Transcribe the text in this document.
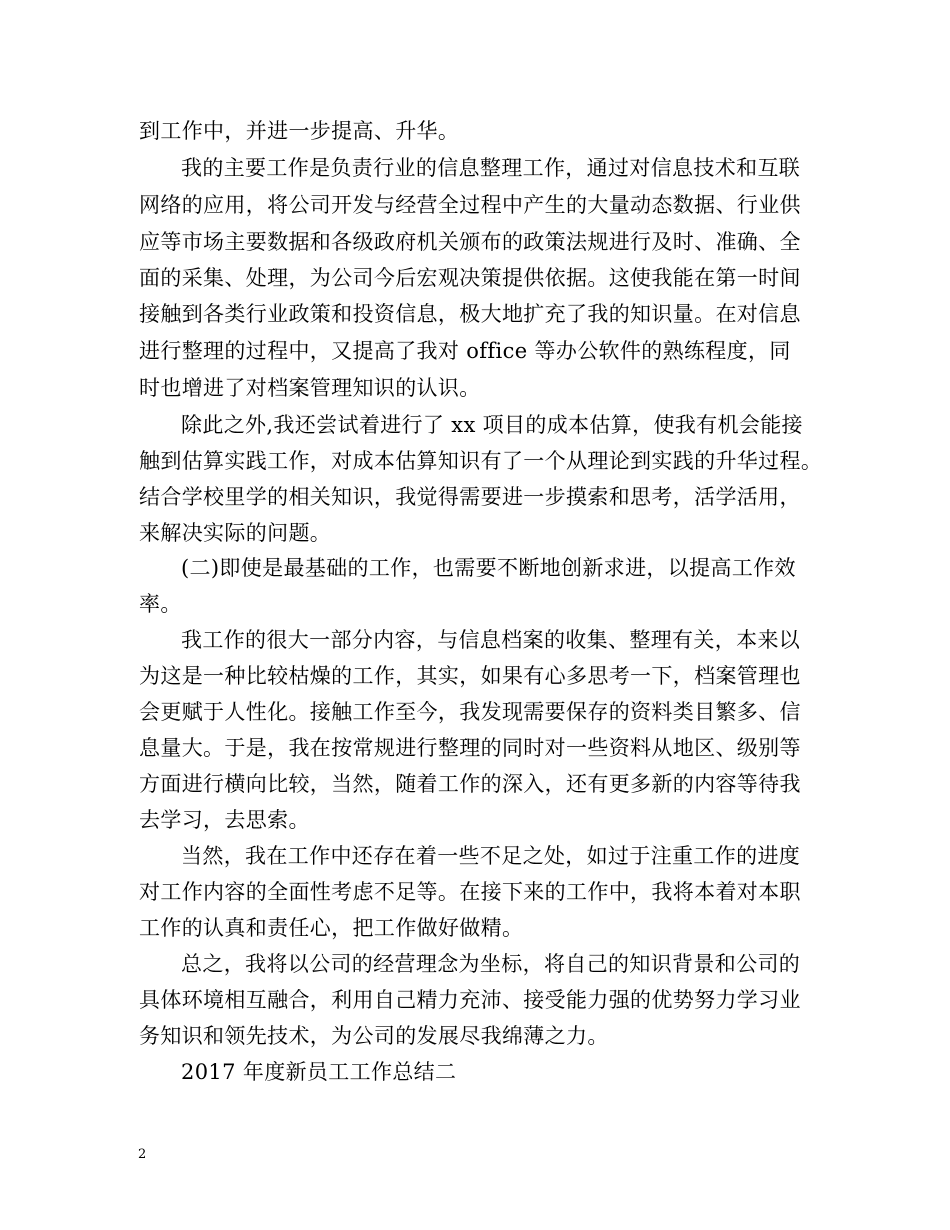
到工作中，并进一步提高、升华。
我的主要工作是负责行业的信息整理工作，通过对信息技术和互联
网络的应用，将公司开发与经营全过程中产生的大量动态数据、行业供
应等市场主要数据和各级政府机关颁布的政策法规进行及时、准确、全
面的采集、处理，为公司今后宏观决策提供依据。这使我能在第一时间
接触到各类行业政策和投资信息，极大地扩充了我的知识量。在对信息
进行整理的过程中，又提高了我对 office 等办公软件的熟练程度，同
时也增进了对档案管理知识的认识。
除此之外,我还尝试着进行了 xx 项目的成本估算，使我有机会能接
触到估算实践工作，对成本估算知识有了一个从理论到实践的升华过程。
结合学校里学的相关知识，我觉得需要进一步摸索和思考，活学活用，
来解决实际的问题。
(二)即使是最基础的工作，也需要不断地创新求进，以提高工作效
率。
我工作的很大一部分内容，与信息档案的收集、整理有关，本来以
为这是一种比较枯燥的工作，其实，如果有心多思考一下，档案管理也
会更赋于人性化。接触工作至今，我发现需要保存的资料类目繁多、信
息量大。于是，我在按常规进行整理的同时对一些资料从地区、级别等
方面进行横向比较，当然，随着工作的深入，还有更多新的内容等待我
去学习，去思索。
当然，我在工作中还存在着一些不足之处，如过于注重工作的进度
对工作内容的全面性考虑不足等。在接下来的工作中，我将本着对本职
工作的认真和责任心，把工作做好做精。
总之，我将以公司的经营理念为坐标，将自己的知识背景和公司的
具体环境相互融合，利用自己精力充沛、接受能力强的优势努力学习业
务知识和领先技术，为公司的发展尽我绵薄之力。
2017 年度新员工工作总结二
2
